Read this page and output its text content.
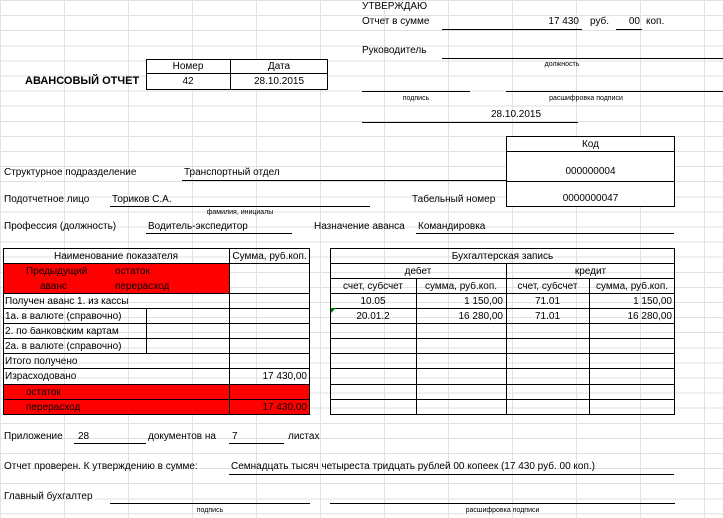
УТВЕРЖДАЮ
Отчет в сумме	17 430 руб.	00 коп.
Руководитель
должность
подпись	расшифровка подписи
28.10.2015
АВАНСОВЫЙ ОТЧЕТ
Номер	Дата
42	28.10.2015
Код
000000004
0000000047
Структурное подразделение	Транспортный отдел
Подотчетное лицо Ториков С.А.
фамилия, инициалы
Табельный номер
Профессия (должность)	Водитель-экспедитор	Назначение аванса Командировка
Наименование показателя	Сумма, руб.коп.
Предыдущий	остаток
аванс	перерасход
Получен аванс 1. из кассы
1а. в валюте (справочно)
2. по банковским картам
2а. в валюте (справочно)
Итого получено
Израсходовано	17 430,00
остаток
перерасход	17 430,00
Бухгалтерская запись
дебет	кредит
счет, субсчет	сумма, руб.коп.	счет, субсчет	сумма, руб.коп.
10.05	1 150,00	71.01	1 150,00
20.01.2	16 280,00	71.01	16 280,00
Приложение 28	документов на 7	листах
Отчет проверен. К утверждению в сумме:	Семнадцать тысяч четыреста тридцать рублей 00 копеек (17 430 руб. 00 коп.)
Главный бухгалтер
подпись	расшифровка подписи
